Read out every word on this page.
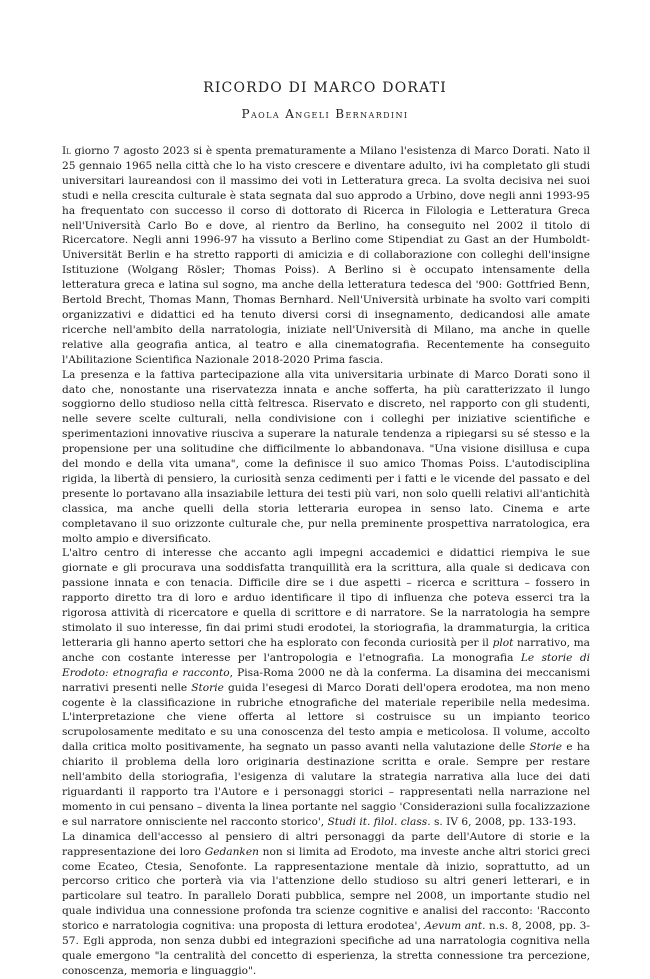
RICORDO DI MARCO DORATI
Paola Angeli Bernardini

Il giorno 7 agosto 2023 si è spenta prematuramente a Milano l'esistenza di Marco Dorati. Nato il 25 gennaio 1965 nella città che lo ha visto crescere e diventare adulto, ivi ha completato gli studi universitari laureandosi con il massimo dei voti in Letteratura greca. La svolta decisiva nei suoi studi e nella crescita culturale è stata segnata dal suo approdo a Urbino, dove negli anni 1993-95 ha frequentato con successo il corso di dottorato di Ricerca in Filologia e Letteratura Greca nell'Università Carlo Bo e dove, al rientro da Berlino, ha conseguito nel 2002 il titolo di Ricercatore. Negli anni 1996-97 ha vissuto a Berlino come Stipendiat zu Gast an der Humboldt-Universität Berlin e ha stretto rapporti di amicizia e di collaborazione con colleghi dell'insigne Istituzione (Wolgang Rösler; Thomas Poiss). A Berlino si è occupato intensamente della letteratura greca e latina sul sogno, ma anche della letteratura tedesca del '900: Gottfried Benn, Bertold Brecht, Thomas Mann, Thomas Bernhard. Nell'Università urbinate ha svolto vari compiti organizzativi e didattici ed ha tenuto diversi corsi di insegnamento, dedicandosi alle amate ricerche nell'ambito della narratologia, iniziate nell'Università di Milano, ma anche in quelle relative alla geografia antica, al teatro e alla cinematografia. Recentemente ha conseguito l'Abilitazione Scientifica Nazionale 2018-2020 Prima fascia.

La presenza e la fattiva partecipazione alla vita universitaria urbinate di Marco Dorati sono il dato che, nonostante una riservatezza innata e anche sofferta, ha più caratterizzato il lungo soggiorno dello studioso nella città feltresca. Riservato e discreto, nel rapporto con gli studenti, nelle severe scelte culturali, nella condivisione con i colleghi per iniziative scientifiche e sperimentazioni innovative riusciva a superare la naturale tendenza a ripiegarsi su sé stesso e la propensione per una solitudine che difficilmente lo abbandonava. "Una visione disillusa e cupa del mondo e della vita umana", come la definisce il suo amico Thomas Poiss. L'autodisciplina rigida, la libertà di pensiero, la curiosità senza cedimenti per i fatti e le vicende del passato e del presente lo portavano alla insaziabile lettura dei testi più vari, non solo quelli relativi all'antichità classica, ma anche quelli della storia letteraria europea in senso lato. Cinema e arte completavano il suo orizzonte culturale che, pur nella preminente prospettiva narratologica, era molto ampio e diversificato.

L'altro centro di interesse che accanto agli impegni accademici e didattici riempiva le sue giornate e gli procurava una soddisfatta tranquillità era la scrittura, alla quale si dedicava con passione innata e con tenacia. Difficile dire se i due aspetti – ricerca e scrittura – fossero in rapporto diretto tra di loro e arduo identificare il tipo di influenza che poteva esserci tra la rigorosa attività di ricercatore e quella di scrittore e di narratore. Se la narratologia ha sempre stimolato il suo interesse, fin dai primi studi erodotei, la storiografia, la drammaturgia, la critica letteraria gli hanno aperto settori che ha esplorato con feconda curiosità per il plot narrativo, ma anche con costante interesse per l'antropologia e l'etnografia. La monografia Le storie di Erodoto: etnografia e racconto, Pisa-Roma 2000 ne dà la conferma. La disamina dei meccanismi narrativi presenti nelle Storie guida l'esegesi di Marco Dorati dell'opera erodotea, ma non meno cogente è la classificazione in rubriche etnografiche del materiale reperibile nella medesima. L'interpretazione che viene offerta al lettore si costruisce su un impianto teorico scrupolosamente meditato e su una conoscenza del testo ampia e meticolosa. Il volume, accolto dalla critica molto positivamente, ha segnato un passo avanti nella valutazione delle Storie e ha chiarito il problema della loro originaria destinazione scritta e orale. Sempre per restare nell'ambito della storiografia, l'esigenza di valutare la strategia narrativa alla luce dei dati riguardanti il rapporto tra l'Autore e i personaggi storici – rappresentati nella narrazione nel momento in cui pensano – diventa la linea portante nel saggio 'Considerazioni sulla focalizzazione e sul narratore onnisciente nel racconto storico', Studi it. filol. class. s. IV 6, 2008, pp. 133-193.

La dinamica dell'accesso al pensiero di altri personaggi da parte dell'Autore di storie e la rappresentazione dei loro Gedanken non si limita ad Erodoto, ma investe anche altri storici greci come Ecateo, Ctesia, Senofonte. La rappresentazione mentale dà inizio, soprattutto, ad un percorso critico che porterà via via l'attenzione dello studioso su altri generi letterari, e in particolare sul teatro. In parallelo Dorati pubblica, sempre nel 2008, un importante studio nel quale individua una connessione profonda tra scienze cognitive e analisi del racconto: 'Racconto storico e narratologia cognitiva: una proposta di lettura erodotea', Aevum ant. n.s. 8, 2008, pp. 3-57. Egli approda, non senza dubbi ed integrazioni specifiche ad una narratologia cognitiva nella quale emergono "la centralità del concetto di esperienza, la stretta connessione tra percezione, conoscenza, memoria e linguaggio".
